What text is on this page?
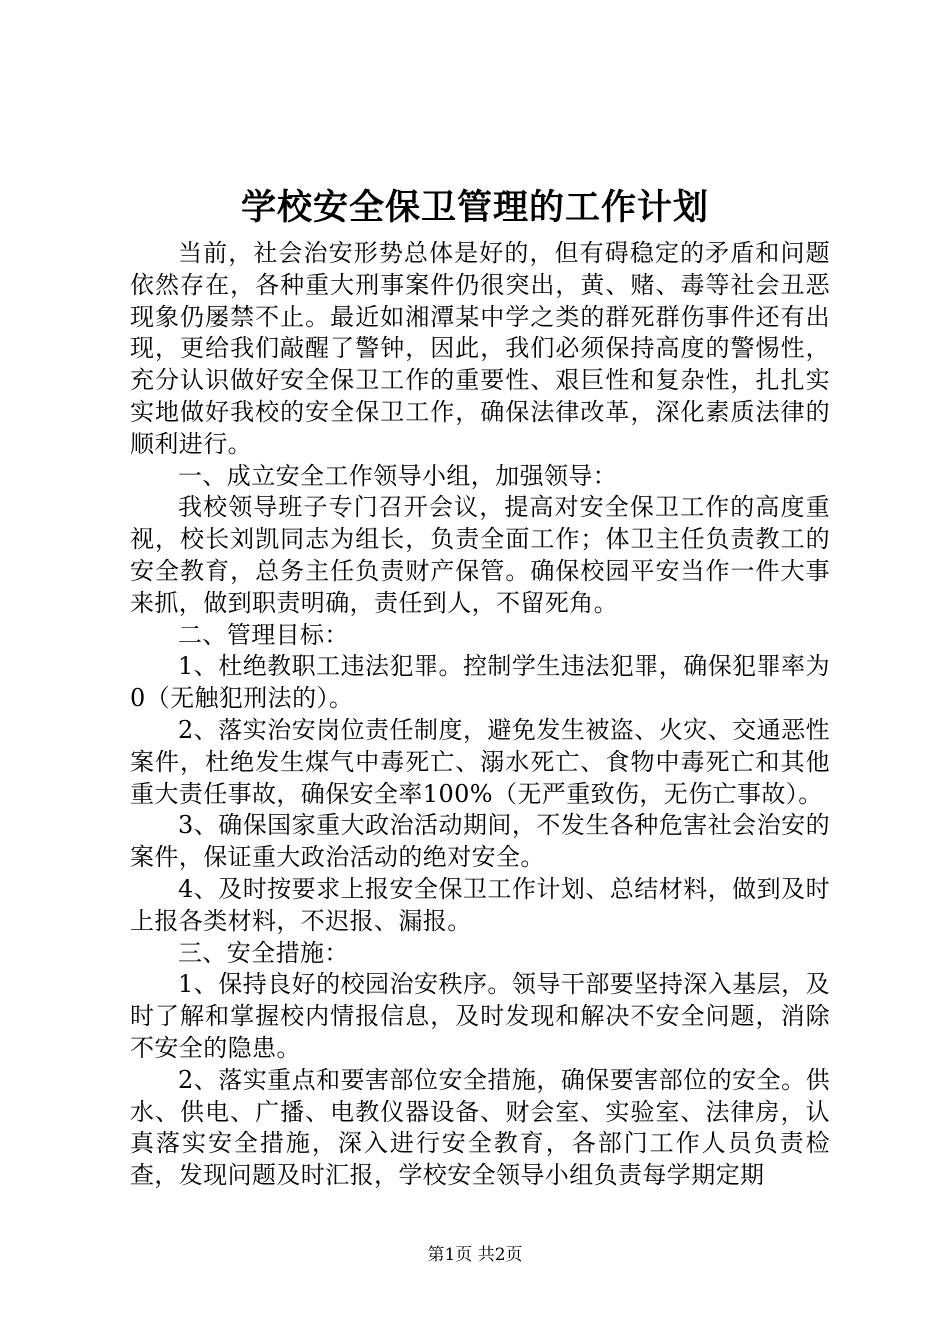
学校安全保卫管理的工作计划

当前，社会治安形势总体是好的，但有碍稳定的矛盾和问题依然存在，各种重大刑事案件仍很突出，黄、赌、毒等社会丑恶现象仍屡禁不止。最近如湘潭某中学之类的群死群伤事件还有出现，更给我们敲醒了警钟，因此，我们必须保持高度的警惕性，充分认识做好安全保卫工作的重要性、艰巨性和复杂性，扎扎实实地做好我校的安全保卫工作，确保法律改革，深化素质法律的顺利进行。

一、成立安全工作领导小组，加强领导：

我校领导班子专门召开会议，提高对安全保卫工作的高度重视，校长刘凯同志为组长，负责全面工作；体卫主任负责教工的安全教育，总务主任负责财产保管。确保校园平安当作一件大事来抓，做到职责明确，责任到人，不留死角。

二、管理目标：

1、杜绝教职工违法犯罪。控制学生违法犯罪，确保犯罪率为0（无触犯刑法的）。

2、落实治安岗位责任制度，避免发生被盗、火灾、交通恶性案件，杜绝发生煤气中毒死亡、溺水死亡、食物中毒死亡和其他重大责任事故，确保安全率100%（无严重致伤，无伤亡事故）。

3、确保国家重大政治活动期间，不发生各种危害社会治安的案件，保证重大政治活动的绝对安全。

4、及时按要求上报安全保卫工作计划、总结材料，做到及时上报各类材料，不迟报、漏报。

三、安全措施：

1、保持良好的校园治安秩序。领导干部要坚持深入基层，及时了解和掌握校内情报信息，及时发现和解决不安全问题，消除不安全的隐患。

2、落实重点和要害部位安全措施，确保要害部位的安全。供水、供电、广播、电教仪器设备、财会室、实验室、法律房，认真落实安全措施，深入进行安全教育，各部门工作人员负责检查，发现问题及时汇报，学校安全领导小组负责每学期定期

第1页 共2页
